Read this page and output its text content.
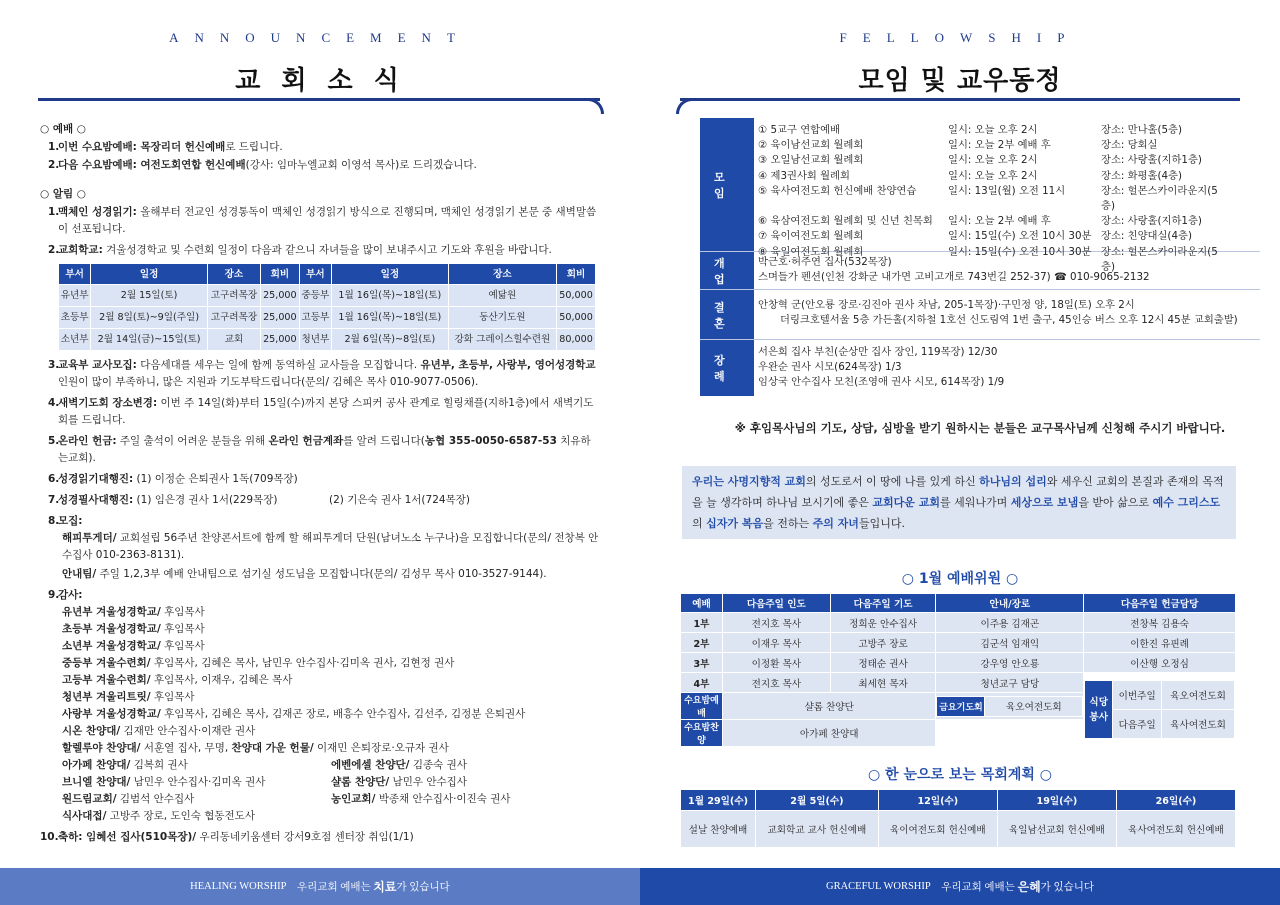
ANNOUNCEMENT
교 회 소 식
○ 예배 ○
1.
이번 수요밤예배: 목장리더 헌신예배로 드립니다.
2.
다음 수요밤예배: 여전도회연합 헌신예배(강사: 임마누엘교회 이영석 목사)로 드리겠습니다.
○ 알림 ○
1.
맥체인 성경읽기: 올해부터 전교인 성경통독이 맥체인 성경읽기 방식으로 진행되며, 맥체인 성경읽기 본문 중 새벽말씀이 선포됩니다.
2.
교회학교: 겨울성경학교 및 수련회 일정이 다음과 같으니 자녀들을 많이 보내주시고 기도와 후원을 바랍니다.
부서	일정	장소	회비	부서	일정	장소	회비
유년부	2월 15일(토)	고구려목장	25,000	중등부	1월 16일(목)~18일(토)	예닮원	50,000
초등부	2월 8일(토)~9일(주일)	고구려목장	25,000	고등부	1월 16일(목)~18일(토)	동산기도원	50,000
소년부	2월 14일(금)~15일(토)	교회	25,000	청년부	2월 6일(목)~8일(토)	강화 그레이스힐수련원	80,000
3.
교육부 교사모집: 다음세대를 세우는 일에 함께 동역하실 교사들을 모집합니다. 유년부, 초등부, 사랑부, 영어성경학교 인원이 많이 부족하니, 많은 지원과 기도부탁드립니다(문의/ 김혜은 목사 010-9077-0506).
4.
새벽기도회 장소변경: 이번 주 14일(화)부터 15일(수)까지 본당 스피커 공사 관계로 힐링채플(지하1층)에서 새벽기도회를 드립니다.
5.
온라인 헌금: 주일 출석이 어려운 분들을 위해 온라인 헌금계좌를 알려 드립니다(농협 355-0050-6587-53 치유하는교회).
6.
성경읽기대행진: (1) 이정순 은퇴권사 1독(709목장)
7.
성경필사대행진: (1) 임은경 권사 1서(229목장)	(2) 기은숙 권사 1서(724목장)
8.
모집:
해피투게더/ 교회설립 56주년 찬양콘서트에 함께 할 해피투게더 단원(남녀노소 누구나)을 모집합니다(문의/ 전창복 안수집사 010-2363-8131).
안내팀/ 주일 1,2,3부 예배 안내팀으로 섬기실 성도님을 모집합니다(문의/ 김성무 목사 010-3527-9144).
9.
감사:
유년부 겨울성경학교/ 후임목사
초등부 겨울성경학교/ 후임목사
소년부 겨울성경학교/ 후임목사
중등부 겨울수련회/ 후임목사, 김혜은 목사, 남민우 안수집사·김미옥 권사, 김현정 권사
고등부 겨울수련회/ 후임목사, 이재우, 김혜은 목사
청년부 겨울리트릿/ 후임목사
사랑부 겨울성경학교/ 후임목사, 김혜은 목사, 김재곤 장로, 배흥수 안수집사, 김선주, 김정분 은퇴권사
시온 찬양대/ 김재만 안수집사·이재란 권사
할렐루야 찬양대/ 서훈열 집사, 무명, 찬양대 가운 헌물/ 이재민 은퇴장로·오규자 권사
아가페 찬양대/ 김복희 권사	에벤에셀 찬양단/ 김종숙 권사
브니엘 찬양대/ 남민우 안수집사·김미옥 권사	샬롬 찬양단/ 남민우 안수집사
원드림교회/ 김범석 안수집사	농인교회/ 박종채 안수집사·이진숙 권사
식사대접/ 고방주 장로, 도인숙 협동전도사
10. 축하: 임혜선 집사(510목장)/ 우리동네키움센터 강서9호점 센터장 취임(1/1)
FELLOWSHIP
모임 및 교우동정
모 임
① 5교구 연합예배	일시: 오늘 오후 2시	장소: 만나홀(5층)
② 육이남선교회 월례회	일시: 오늘 2부 예배 후	장소: 당회실
③ 오일남선교회 월례회	일시: 오늘 오후 2시	장소: 사랑홀(지하1층)
④ 제3권사회 월례회	일시: 오늘 오후 2시	장소: 화평홀(4층)
⑤ 육사여전도회 헌신예배 찬양연습	일시: 13일(월) 오전 11시	장소: 헐몬스카이라운지(5층)
⑥ 육삼여전도회 월례회 및 신년 친목회	일시: 오늘 2부 예배 후	장소: 사랑홀(지하1층)
⑦ 육이여전도회 월례회	일시: 15일(수) 오전 10시 30분 장소: 친양대실(4층)
⑧ 육일여전도회 월례회	일시: 15일(수) 오전 10시 30분 장소: 헐몬스카이라운지(5층)
개 업
박근호·허주연 집사(532목장)
스며들가 펜션(인천 강화군 내가면 고비고개로 743번길 252-37) ☎ 010-9065-2132
결 혼
안창혁 군(안오룡 장로·김진아 권사 차남, 205-1목장)·구민정 양, 18일(토) 오후 2시
더링크호텔서울 5층 가든홀(지하철 1호선 신도림역 1번 출구, 45인승 버스 오후 12시 45분 교회출발)
장 례
서은희 집사 부친(순상만 집사 장인, 119목장) 12/30
우완순 권사 시모(624목장) 1/3
임상국 안수집사 모친(조영애 권사 시모, 614목장) 1/9
※ 후임목사님의 기도, 상담, 심방을 받기 원하시는 분들은 교구목사님께 신청해 주시기 바랍니다.
우리는 사명지향적 교회의 성도로서 이 땅에 나를 있게 하신 하나님의 섭리와 세우신 교회의 본질과 존재의 목적을 늘 생각하며 하나님 보시기에 좋은 교회다운 교회를 세워나가며 세상으로 보냄을 받아 삶으로 예수 그리스도의 십자가 복음을 전하는 주의 자녀들입니다.
○ 1월 예배위원 ○
예배	다음주일 인도	다음주일 기도	안내/장로	다음주일 헌금담당
1부	전지호 목사	정희운 안수집사	이주용 김재곤	전창복 김용숙
2부	이재우 목사	고방주 장로	김군석 임재익	이한진 유핀례
3부	이정환 목사	정태순 권사	강우영 안오룡	이산행 오정심
4부	전지호 목사	최세현 목자	청년교구 담당	
식당봉사	이번주일	육오여전도회
다음주일	육사여전도회

수요밤예배	샬롬 찬양단		금요기도회	육오여전도회

수요밤찬양	아가페 찬양대	
○ 한 눈으로 보는 목회계획 ○
1월 29일(수)	2월 5일(수)	12일(수)	19일(수)	26일(수)
설날 찬양예배	교회학교 교사 헌신예배	육이여전도회 헌신예배	육일남선교회 헌신예배	육사여전도회 헌신예배
HEALING WORSHIP
우리교회 예배는
치료 가 있습니다	GRACEFUL WORSHIP
우리교회 예배는
은혜 가 있습니다
